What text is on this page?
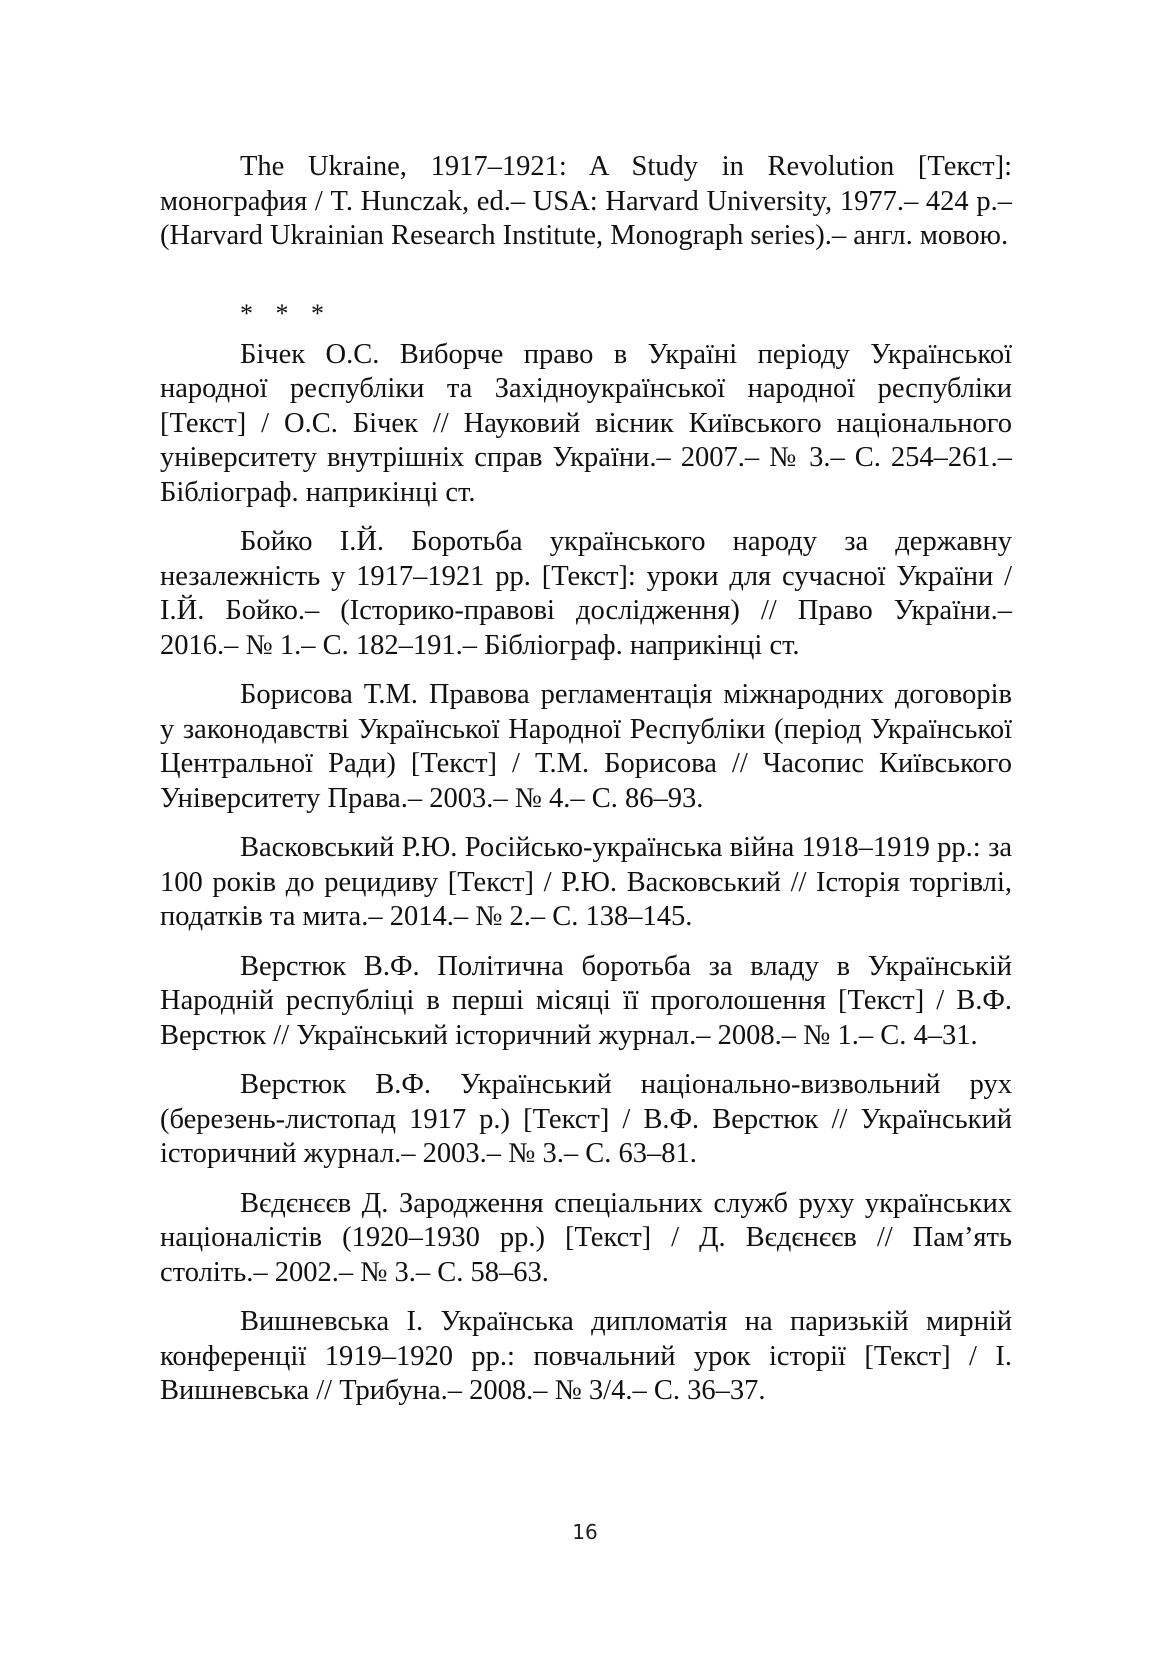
The Ukraine, 1917–1921: A Study in Revolution [Текст]: монография / T. Hunczak, ed.– USA: Harvard University, 1977.– 424 p.– (Harvard Ukrainian Research Institute, Monograph series).– англ. мовою.

* * *

Бічек О.С. Виборче право в Україні періоду Української народної республіки та Західноукраїнської народної республіки [Текст] / О.С. Бічек // Науковий вісник Київського національного університету внутрішніх справ України.– 2007.– № 3.– С. 254–261.– Бібліограф. наприкінці ст.

Бойко І.Й. Боротьба українського народу за державну незалежність у 1917–1921 рр. [Текст]: уроки для сучасної України / І.Й. Бойко.– (Історико-правові дослідження) // Право України.– 2016.– № 1.– С. 182–191.– Бібліограф. наприкінці ст.

Борисова Т.М. Правова регламентація міжнародних договорів у законодавстві Української Народної Республіки (період Української Центральної Ради) [Текст] / Т.М. Борисова // Часопис Київського Університету Права.– 2003.– № 4.– С. 86–93.

Васковський Р.Ю. Російсько-українська війна 1918–1919 рр.: за 100 років до рецидиву [Текст] / Р.Ю. Васковський // Історія торгівлі, податків та мита.– 2014.– № 2.– С. 138–145.

Верстюк В.Ф. Політична боротьба за владу в Українській Народній республіці в перші місяці її проголошення [Текст] / В.Ф. Верстюк // Український історичний журнал.– 2008.– № 1.– С. 4–31.

Верстюк В.Ф. Український національно-визвольний рух (березень-листопад 1917 р.) [Текст] / В.Ф. Верстюк // Український історичний журнал.– 2003.– № 3.– С. 63–81.

Вєдєнєєв Д. Зародження спеціальних служб руху українських націоналістів (1920–1930 рр.) [Текст] / Д. Вєдєнєєв // Пам’ять століть.– 2002.– № 3.– С. 58–63.

Вишневська І. Українська дипломатія на паризькій мирній конференції 1919–1920 рр.: повчальний урок історії [Текст] / І. Вишневська // Трибуна.– 2008.– № 3/4.– С. 36–37.

16
